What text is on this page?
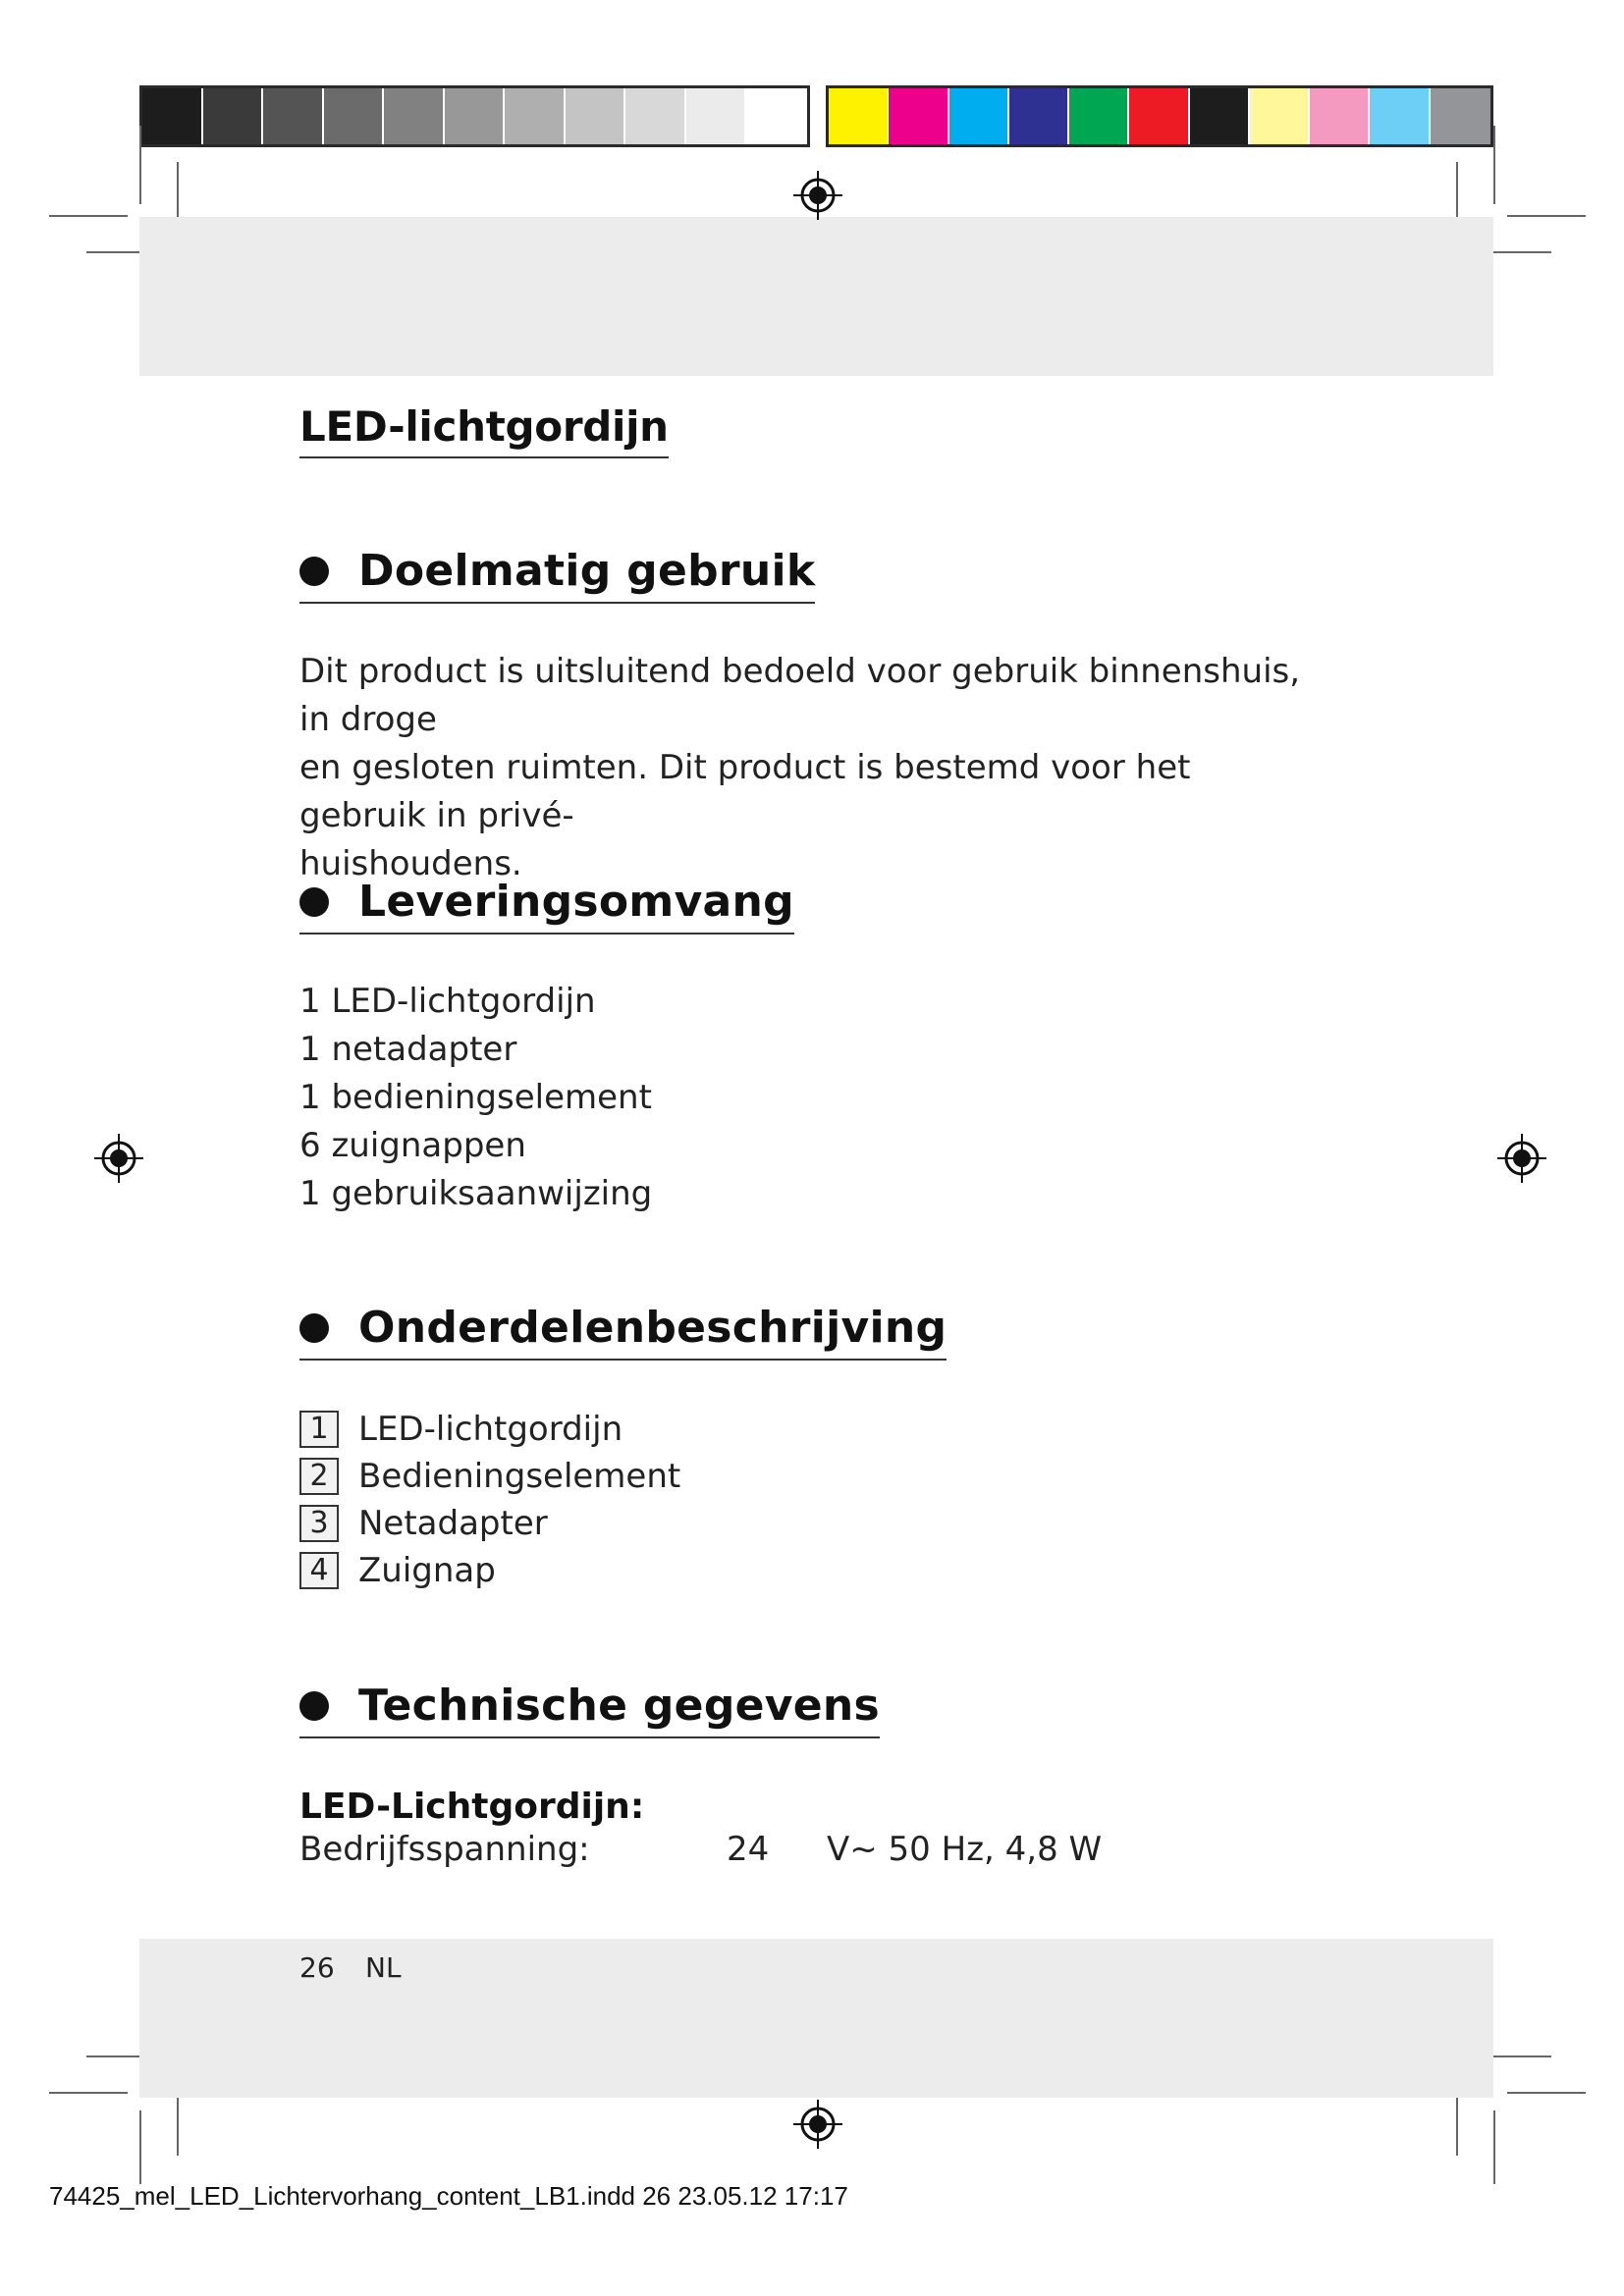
LED-lichtgordijn
Doelmatig gebruik
Dit product is uitsluitend bedoeld voor gebruik binnenshuis, in droge
en gesloten ruimten. Dit product is bestemd voor het gebruik in privé-
huishoudens.
Leveringsomvang
1 LED-lichtgordijn
1 netadapter
1 bedieningselement
6 zuignappen
1 gebruiksaanwijzing
Onderdelenbeschrijving
1 LED-lichtgordijn
2 Bedieningselement
3 Netadapter
4 Zuignap
Technische gegevens
LED-Lichtgordijn:
Bedrijfsspanning:	24 V~ 50 Hz, 4,8 W
26 NL
74425_mel_LED_Lichtervorhang_content_LB1.indd 26 23.05.12 17:17
